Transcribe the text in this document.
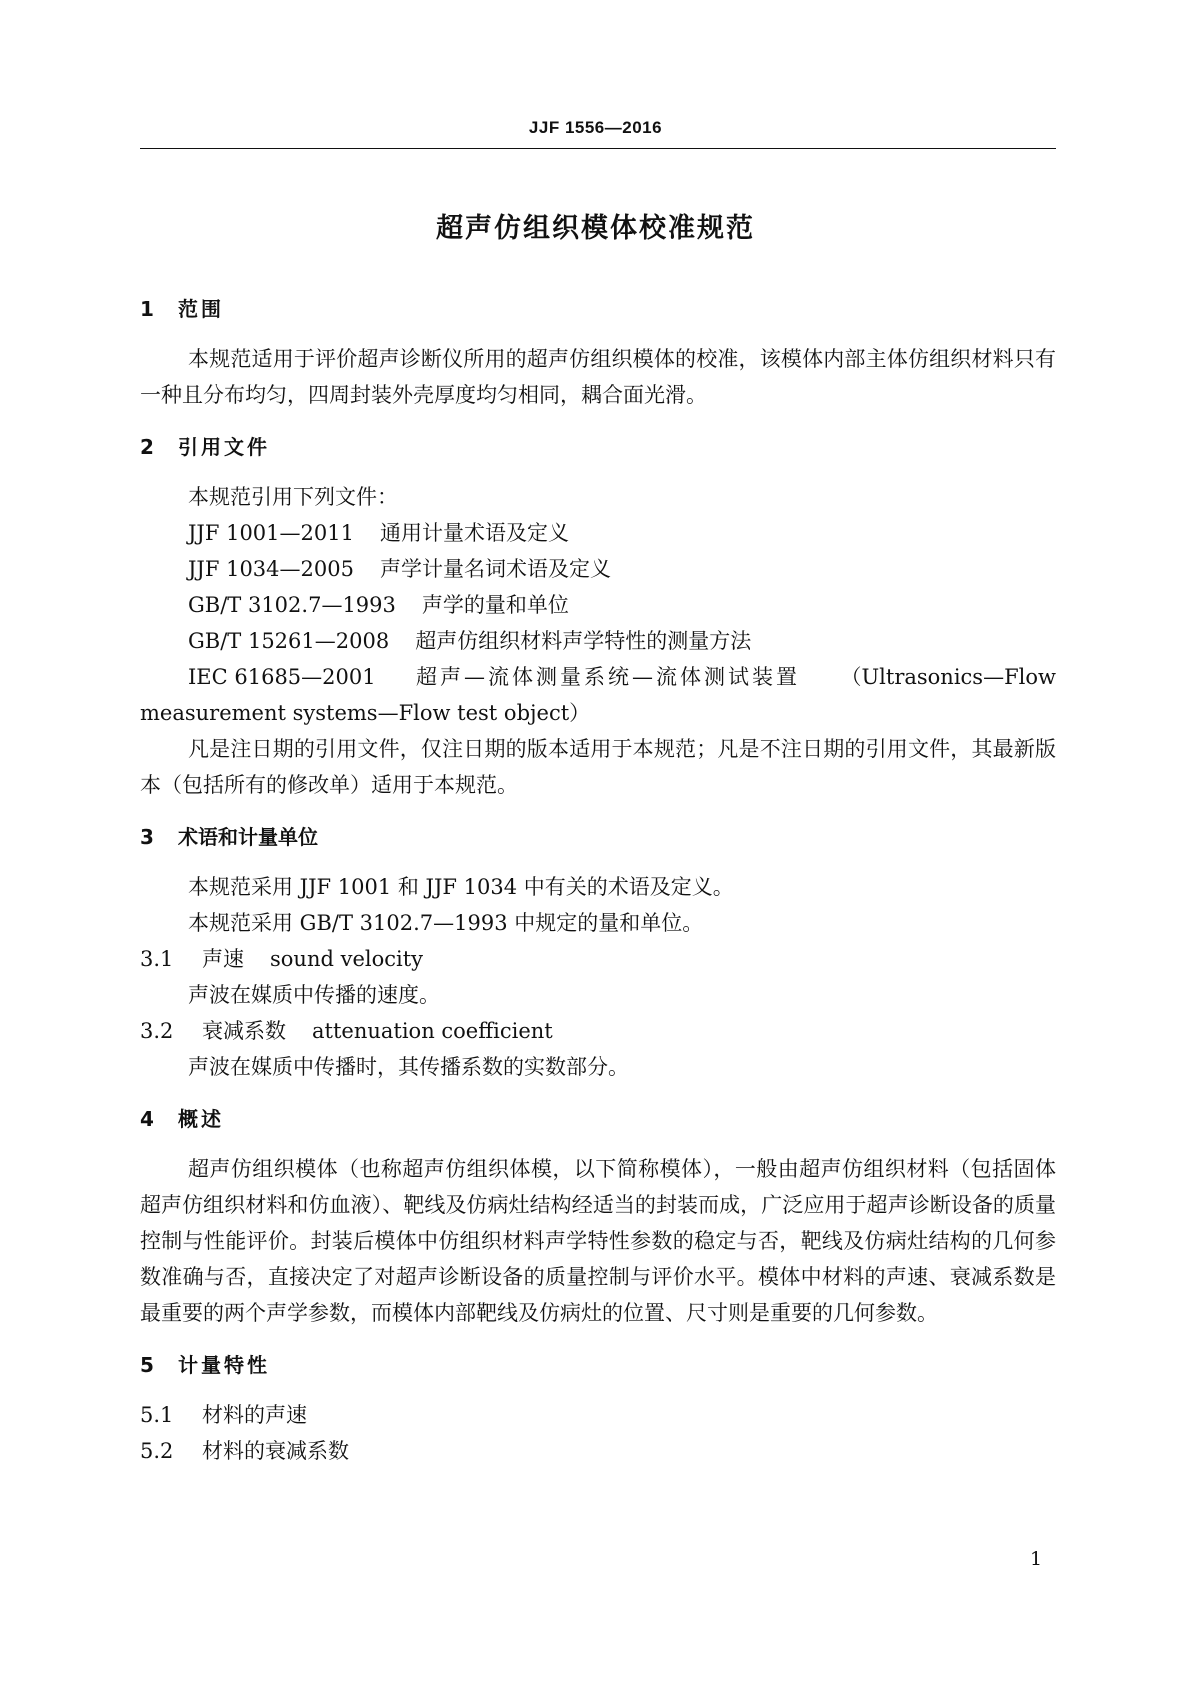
JJF 1556—2016
超声仿组织模体校准规范
1	范围
本规范适用于评价超声诊断仪所用的超声仿组织模体的校准，该模体内部主体仿组织材料只有一种且分布均匀，四周封装外壳厚度均匀相同，耦合面光滑。
2	引用文件
本规范引用下列文件：
JJF 1001—2011 通用计量术语及定义
JJF 1034—2005 声学计量名词术语及定义
GB/T 3102.7—1993 声学的量和单位
GB/T 15261—2008 超声仿组织材料声学特性的测量方法
IEC 61685—2001 超声—流体测量系统—流体测试装置 （Ultrasonics—Flow
measurement systems—Flow test object）
凡是注日期的引用文件，仅注日期的版本适用于本规范；凡是不注日期的引用文件，其最新版本（包括所有的修改单）适用于本规范。
3	术语和计量单位
本规范采用 JJF 1001 和 JJF 1034 中有关的术语及定义。
本规范采用 GB/T 3102.7—1993 中规定的量和单位。
3.1	声速 sound velocity
声波在媒质中传播的速度。
3.2	衰减系数 attenuation coefficient
声波在媒质中传播时，其传播系数的实数部分。
4	概述
超声仿组织模体（也称超声仿组织体模，以下简称模体），一般由超声仿组织材料（包括固体超声仿组织材料和仿血液）、靶线及仿病灶结构经适当的封装而成，广泛应用于超声诊断设备的质量控制与性能评价。封装后模体中仿组织材料声学特性参数的稳定与否，靶线及仿病灶结构的几何参数准确与否，直接决定了对超声诊断设备的质量控制与评价水平。模体中材料的声速、衰减系数是最重要的两个声学参数，而模体内部靶线及仿病灶的位置、尺寸则是重要的几何参数。
5	计量特性
5.1	材料的声速
5.2	材料的衰减系数
1
